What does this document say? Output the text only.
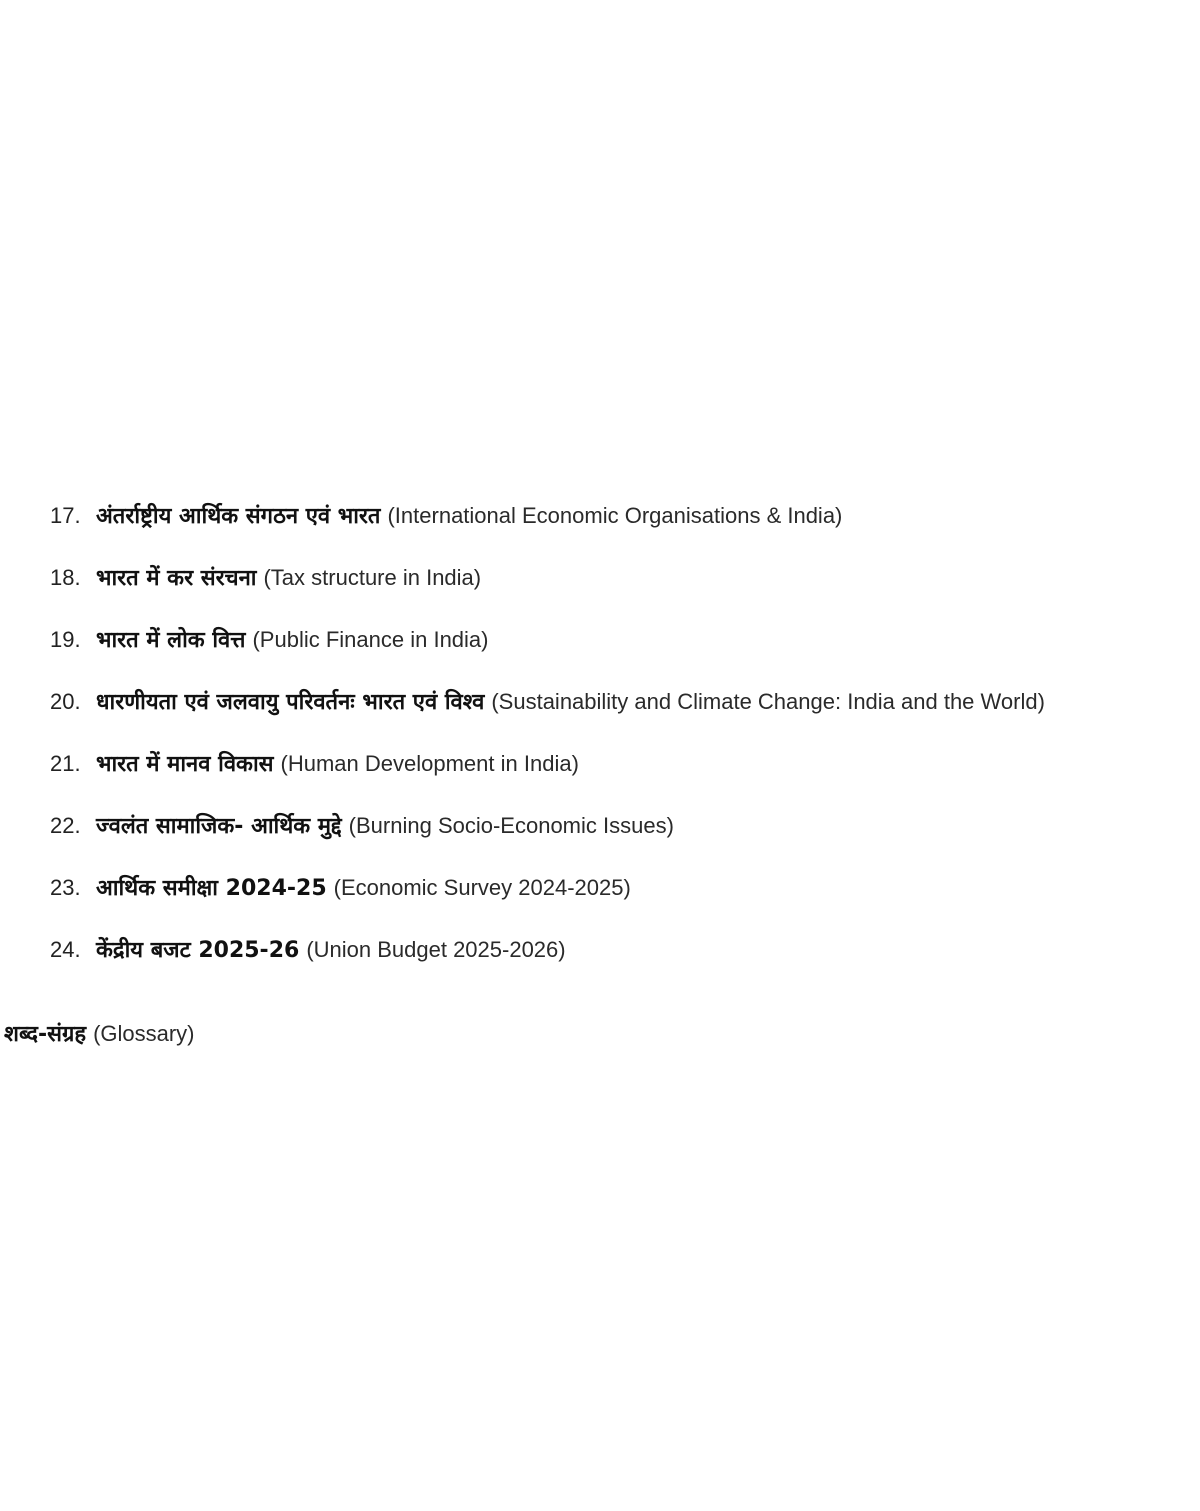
17. अंतर्राष्ट्रीय आर्थिक संगठन एवं भारत (International Economic Organisations & India)
18. भारत में कर संरचना (Tax structure in India)
19. भारत में लोक वित्त (Public Finance in India)
20. धारणीयता एवं जलवायु परिवर्तनः भारत एवं विश्व (Sustainability and Climate Change: India and the World)
21. भारत में मानव विकास (Human Development in India)
22. ज्वलंत सामाजिक- आर्थिक मुद्दे (Burning Socio-Economic Issues)
23. आर्थिक समीक्षा 2024-25 (Economic Survey 2024-2025)
24. केंद्रीय बजट 2025-26 (Union Budget 2025-2026)
शब्द-संग्रह (Glossary)
